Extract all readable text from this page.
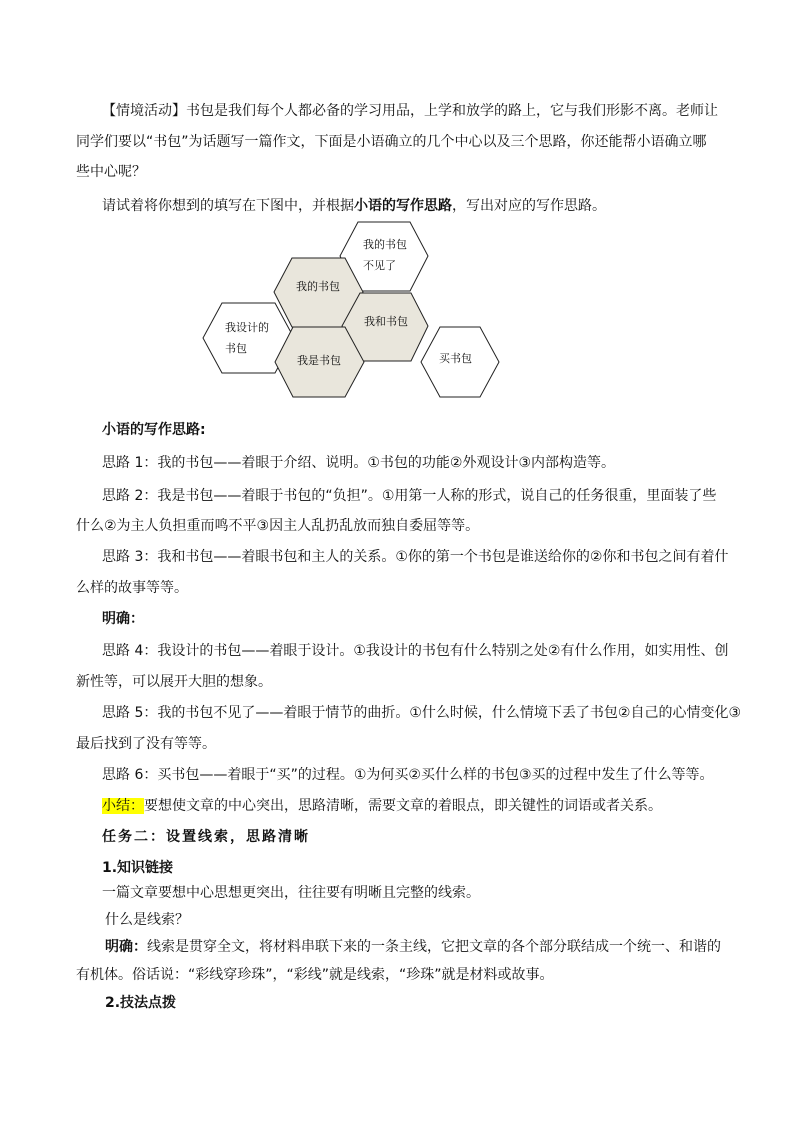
【情境活动】书包是我们每个人都必备的学习用品，上学和放学的路上，它与我们形影不离。老师让
同学们要以“书包”为话题写一篇作文，下面是小语确立的几个中心以及三个思路，你还能帮小语确立哪
些中心呢？
请试着将你想到的填写在下图中，并根据小语的写作思路，写出对应的写作思路。
我的书包
不见了
我的书包
我和书包
我设计的
书包
我是书包	买书包
小语的写作思路:
思路 1：我的书包——着眼于介绍、说明。①书包的功能②外观设计③内部构造等。
思路 2：我是书包——着眼于书包的“负担”。①用第一人称的形式，说自己的任务很重，里面装了些
什么②为主人负担重而鸣不平③因主人乱扔乱放而独自委屈等等。
思路 3：我和书包——着眼书包和主人的关系。①你的第一个书包是谁送给你的②你和书包之间有着什
么样的故事等等。
明确：
思路 4：我设计的书包——着眼于设计。①我设计的书包有什么特别之处②有什么作用，如实用性、创
新性等，可以展开大胆的想象。
思路 5：我的书包不见了——着眼于情节的曲折。①什么时候，什么情境下丢了书包②自己的心情变化③
最后找到了没有等等。
思路 6：买书包——着眼于“买”的过程。①为何买②买什么样的书包③买的过程中发生了什么等等。
小结：要想使文章的中心突出，思路清晰，需要文章的着眼点，即关键性的词语或者关系。
任务二：设置线索，思路清晰
1.知识链接
一篇文章要想中心思想更突出，往往要有明晰且完整的线索。
什么是线索？
明确：线索是贯穿全文，将材料串联下来的一条主线，它把文章的各个部分联结成一个统一、和谐的
有机体。俗话说：“彩线穿珍珠”，“彩线”就是线索，“珍珠”就是材料或故事。
2.技法点拨
